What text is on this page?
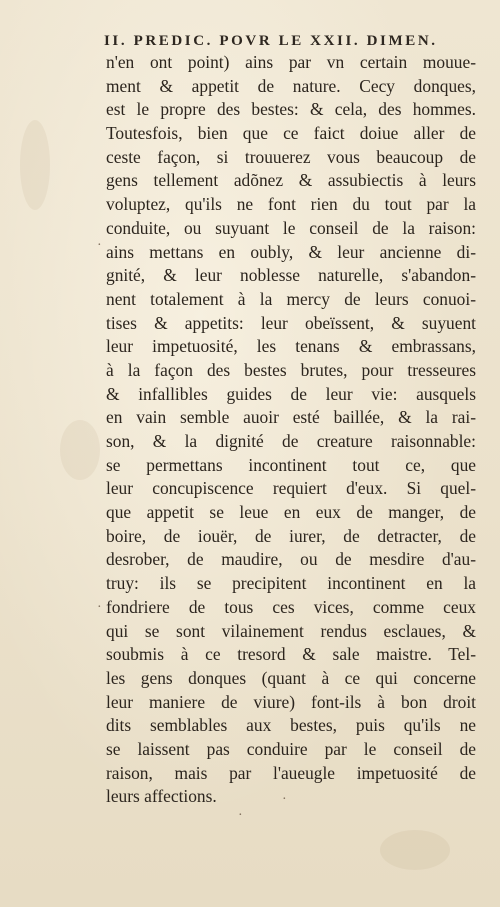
II. PREDIC. POVR LE XXII. DIMEN.
n'en ont point) ains par vn certain mouue-
ment & appetit de nature. Cecy donques,
est le propre des bestes: & cela, des hommes.
Toutesfois, bien que ce faict doiue aller de
ceste façon, si trouuerez vous beaucoup de
gens tellement adõnez & assubiectis à leurs
voluptez, qu'ils ne font rien du tout par la
conduite, ou suyuant le conseil de la raison:
ains mettans en oubly, & leur ancienne di-
gnité, & leur noblesse naturelle, s'abandon-
nent totalement à la mercy de leurs conuoi-
tises & appetits: leur obeïssent, & suyuent
leur impetuosité, les tenans & embrassans,
à la façon des bestes brutes, pour tresseures
& infallibles guides de leur vie: ausquels
en vain semble auoir esté baillée, & la rai-
son, & la dignité de creature raisonnable:
se permettans incontinent tout ce, que
leur concupiscence requiert d'eux. Si quel-
que appetit se leue en eux de manger, de
boire, de iouër, de iurer, de detracter, de
desrober, de maudire, ou de mesdire d'au-
truy: ils se precipitent incontinent en la
fondriere de tous ces vices, comme ceux
qui se sont vilainement rendus esclaues, &
soubmis à ce tresord & sale maistre. Tel-
les gens donques (quant à ce qui concerne
leur maniere de viure) font-ils à bon droit
dits semblables aux bestes, puis qu'ils ne
se laissent pas conduire par le conseil de
raison, mais par l'aueugle impetuosité de
leurs affections.
·
·
·
·
